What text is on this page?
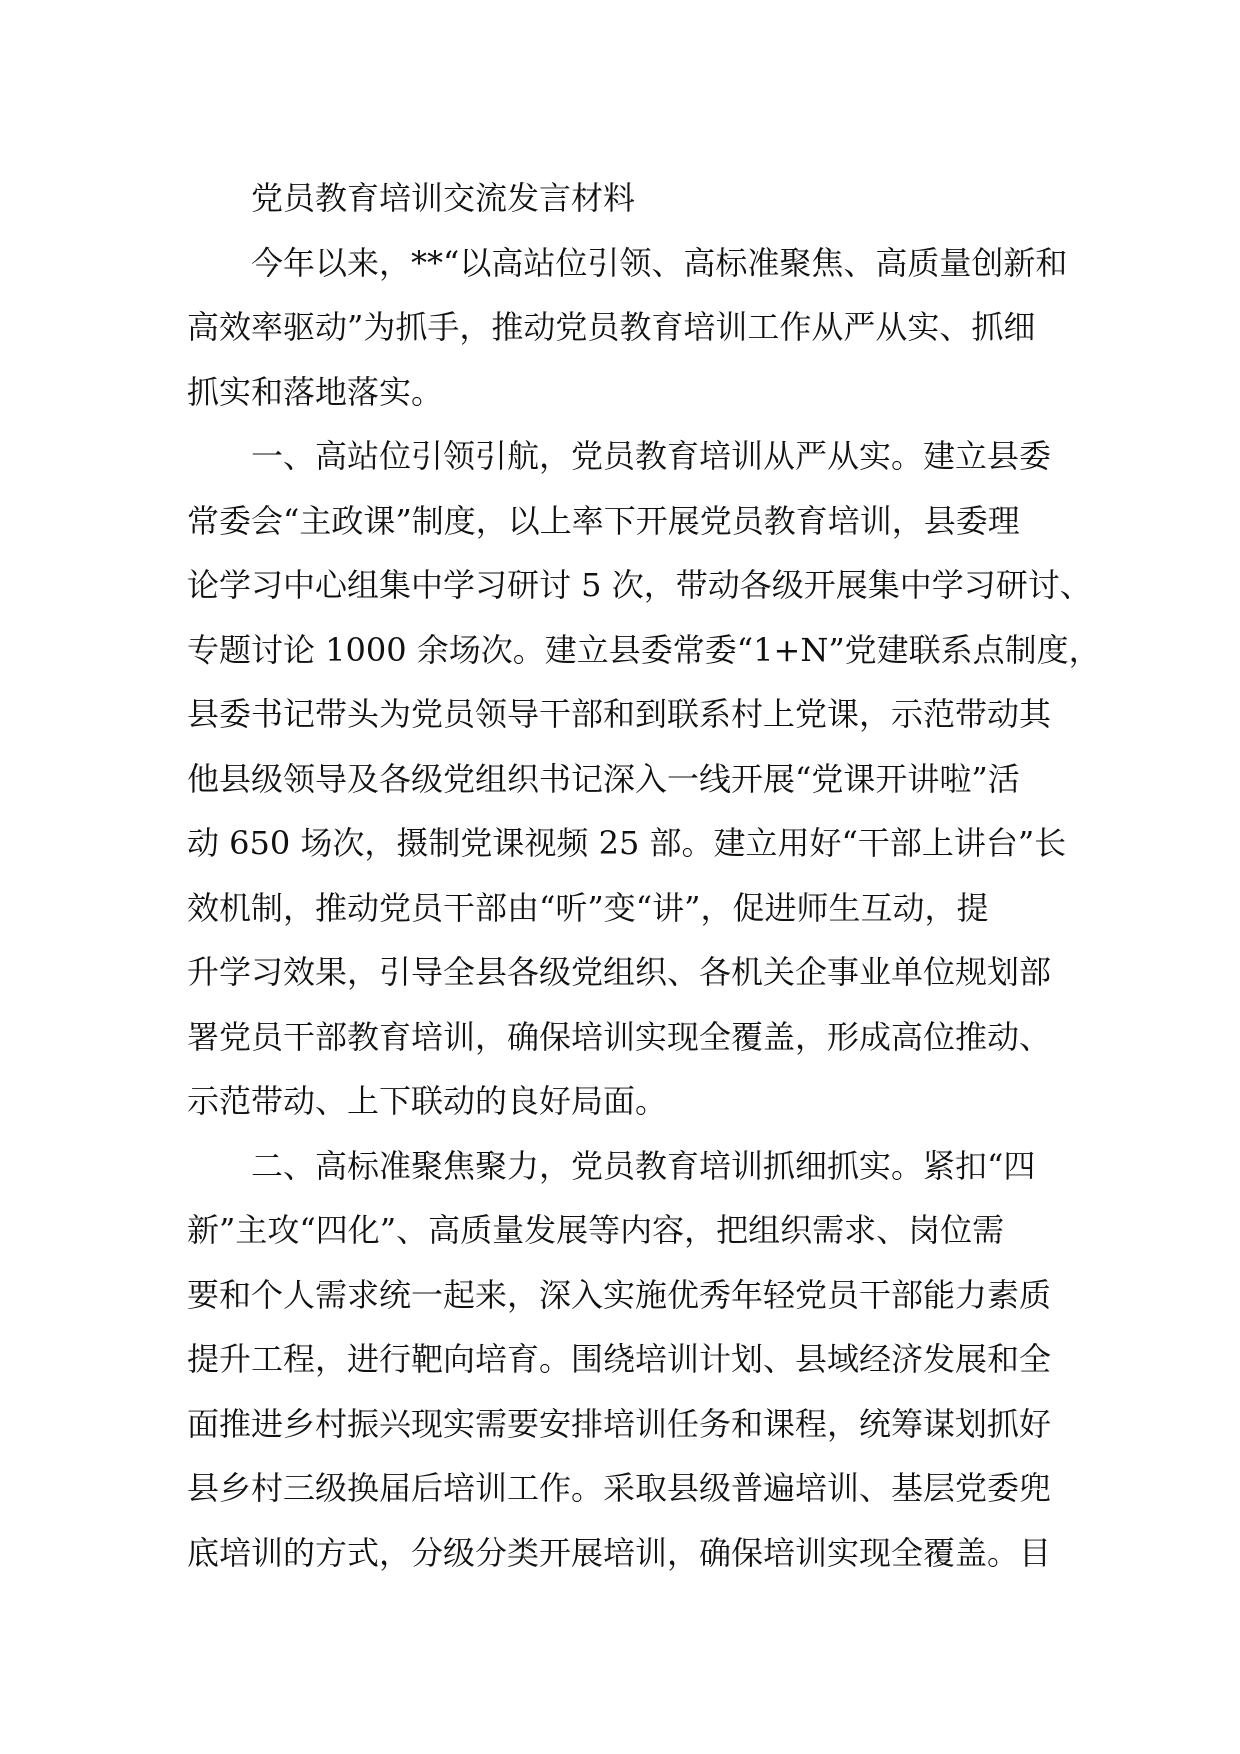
党员教育培训交流发言材料
今年以来，**“以高站位引领、高标准聚焦、高质量创新和
高效率驱动”为抓手，推动党员教育培训工作从严从实、抓细
抓实和落地落实。
一、高站位引领引航，党员教育培训从严从实。建立县委
常委会“主政课”制度，以上率下开展党员教育培训，县委理
论学习中心组集中学习研讨 5 次，带动各级开展集中学习研讨、
专题讨论 1000 余场次。建立县委常委“1+N”党建联系点制度，
县委书记带头为党员领导干部和到联系村上党课，示范带动其
他县级领导及各级党组织书记深入一线开展“党课开讲啦”活
动 650 场次，摄制党课视频 25 部。建立用好“干部上讲台”长
效机制，推动党员干部由“听”变“讲”，促进师生互动，提
升学习效果，引导全县各级党组织、各机关企事业单位规划部
署党员干部教育培训，确保培训实现全覆盖，形成高位推动、
示范带动、上下联动的良好局面。
二、高标准聚焦聚力，党员教育培训抓细抓实。紧扣“四
新”主攻“四化”、高质量发展等内容，把组织需求、岗位需
要和个人需求统一起来，深入实施优秀年轻党员干部能力素质
提升工程，进行靶向培育。围绕培训计划、县域经济发展和全
面推进乡村振兴现实需要安排培训任务和课程，统筹谋划抓好
县乡村三级换届后培训工作。采取县级普遍培训、基层党委兜
底培训的方式，分级分类开展培训，确保培训实现全覆盖。目
